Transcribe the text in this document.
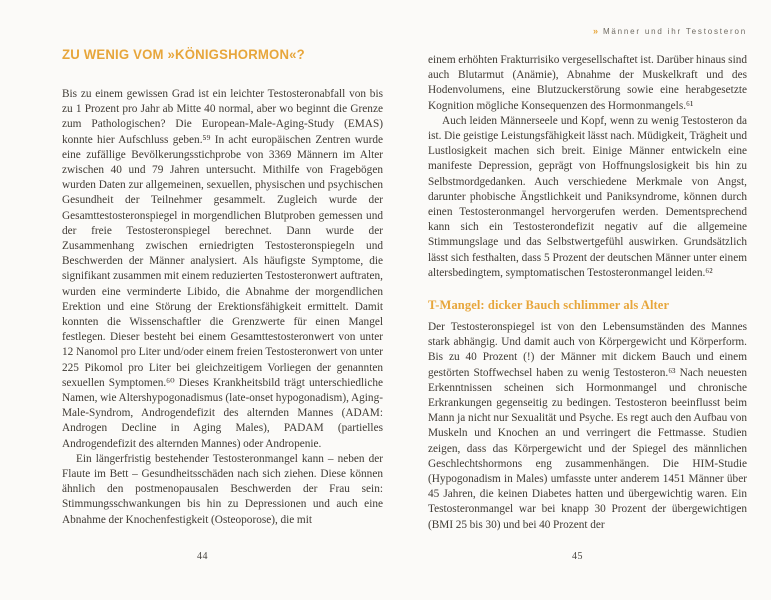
ZU WENIG VOM »KÖNIGSHORMON«?

Bis zu einem gewissen Grad ist ein leichter Testosteronabfall von bis zu 1 Prozent pro Jahr ab Mitte 40 normal, aber wo beginnt die Grenze zum Pathologischen? Die European-Male-Aging-Study (EMAS) konnte hier Aufschluss geben.⁵⁹ In acht europäischen Zentren wurde eine zufällige Bevölkerungsstichprobe von 3369 Männern im Alter zwischen 40 und 79 Jahren untersucht. Mithilfe von Fragebögen wurden Daten zur allgemeinen, sexuellen, physischen und psychischen Gesundheit der Teilnehmer gesammelt. Zugleich wurde der Gesamttestosteronspiegel in morgendlichen Blutproben gemessen und der freie Testosteronspiegel berechnet. Dann wurde der Zusammenhang zwischen erniedrigten Testosteronspiegeln und Beschwerden der Männer analysiert. Als häufigste Symptome, die signifikant zusammen mit einem reduzierten Testosteronwert auftraten, wurden eine verminderte Libido, die Abnahme der morgendlichen Erektion und eine Störung der Erektionsfähigkeit ermittelt. Damit konnten die Wissenschaftler die Grenzwerte für einen Mangel festlegen. Dieser besteht bei einem Gesamttestosteronwert von unter 12 Nanomol pro Liter und/oder einem freien Testosteronwert von unter 225 Pikomol pro Liter bei gleichzeitigem Vorliegen der genannten sexuellen Symptomen.⁶⁰ Dieses Krankheitsbild trägt unterschiedliche Namen, wie Altershypogonadismus (late-onset hypogonadism), Aging-Male-Syndrom, Androgendefizit des alternden Mannes (ADAM: Androgen Decline in Aging Males), PADAM (partielles Androgendefizit des alternden Mannes) oder Andropenie.

Ein längerfristig bestehender Testosteronmangel kann – neben der Flaute im Bett – Gesundheitsschäden nach sich ziehen. Diese können ähnlich den postmenopausalen Beschwerden der Frau sein: Stimmungsschwankungen bis hin zu Depressionen und auch eine Abnahme der Knochenfestigkeit (Osteoporose), die mit

» Männer und ihr Testosteron

einem erhöhten Frakturrisiko vergesellschaftet ist. Darüber hinaus sind auch Blutarmut (Anämie), Abnahme der Muskelkraft und des Hodenvolumens, eine Blutzuckerstörung sowie eine herabgesetzte Kognition mögliche Konsequenzen des Hormonmangels.⁶¹

Auch leiden Männerseele und Kopf, wenn zu wenig Testosteron da ist. Die geistige Leistungsfähigkeit lässt nach. Müdigkeit, Trägheit und Lustlosigkeit machen sich breit. Einige Männer entwickeln eine manifeste Depression, geprägt von Hoffnungslosigkeit bis hin zu Selbstmordgedanken. Auch verschiedene Merkmale von Angst, darunter phobische Ängstlichkeit und Paniksyndrome, können durch einen Testosteronmangel hervorgerufen werden. Dementsprechend kann sich ein Testosterondefizit negativ auf die allgemeine Stimmungslage und das Selbstwertgefühl auswirken. Grundsätzlich lässt sich festhalten, dass 5 Prozent der deutschen Männer unter einem altersbedingtem, symptomatischen Testosteronmangel leiden.⁶²

T-Mangel: dicker Bauch schlimmer als Alter

Der Testosteronspiegel ist von den Lebensumständen des Mannes stark abhängig. Und damit auch von Körpergewicht und Körperform. Bis zu 40 Prozent (!) der Männer mit dickem Bauch und einem gestörten Stoffwechsel haben zu wenig Testosteron.⁶³ Nach neuesten Erkenntnissen scheinen sich Hormonmangel und chronische Erkrankungen gegenseitig zu bedingen. Testosteron beeinflusst beim Mann ja nicht nur Sexualität und Psyche. Es regt auch den Aufbau von Muskeln und Knochen an und verringert die Fettmasse. Studien zeigen, dass das Körpergewicht und der Spiegel des männlichen Geschlechtshormons eng zusammenhängen. Die HIM-Studie (Hypogonadism in Males) umfasste unter anderem 1451 Männer über 45 Jahren, die keinen Diabetes hatten und übergewichtig waren. Ein Testosteronmangel war bei knapp 30 Prozent der übergewichtigen (BMI 25 bis 30) und bei 40 Prozent der

44	45
